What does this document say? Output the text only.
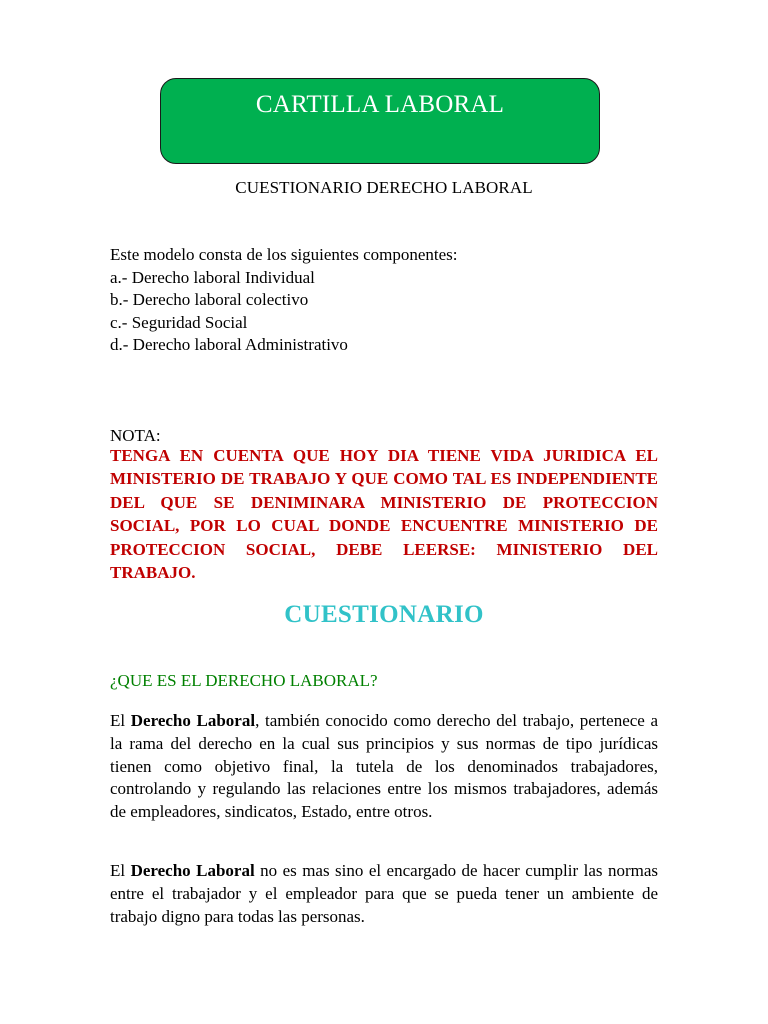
CARTILLA LABORAL
CUESTIONARIO DERECHO LABORAL
Este modelo consta de los siguientes componentes:
a.- Derecho laboral Individual
b.- Derecho laboral colectivo
c.- Seguridad Social
d.- Derecho laboral Administrativo
NOTA:
TENGA EN CUENTA QUE HOY DIA TIENE VIDA JURIDICA EL MINISTERIO DE TRABAJO Y QUE COMO TAL ES INDEPENDIENTE DEL QUE SE DENIMINARA MINISTERIO DE PROTECCION SOCIAL, POR LO CUAL DONDE ENCUENTRE MINISTERIO DE PROTECCION SOCIAL, DEBE LEERSE: MINISTERIO DEL TRABAJO.
CUESTIONARIO
¿QUE ES EL DERECHO LABORAL?
El Derecho Laboral, también conocido como derecho del trabajo, pertenece a la rama del derecho en la cual sus principios y sus normas de tipo jurídicas tienen como objetivo final, la tutela de los denominados trabajadores, controlando y regulando las relaciones entre los mismos trabajadores, además de empleadores, sindicatos, Estado, entre otros.
El Derecho Laboral no es mas sino el encargado de hacer cumplir las normas entre el trabajador y el empleador para que se pueda tener un ambiente de trabajo digno para todas las personas.
